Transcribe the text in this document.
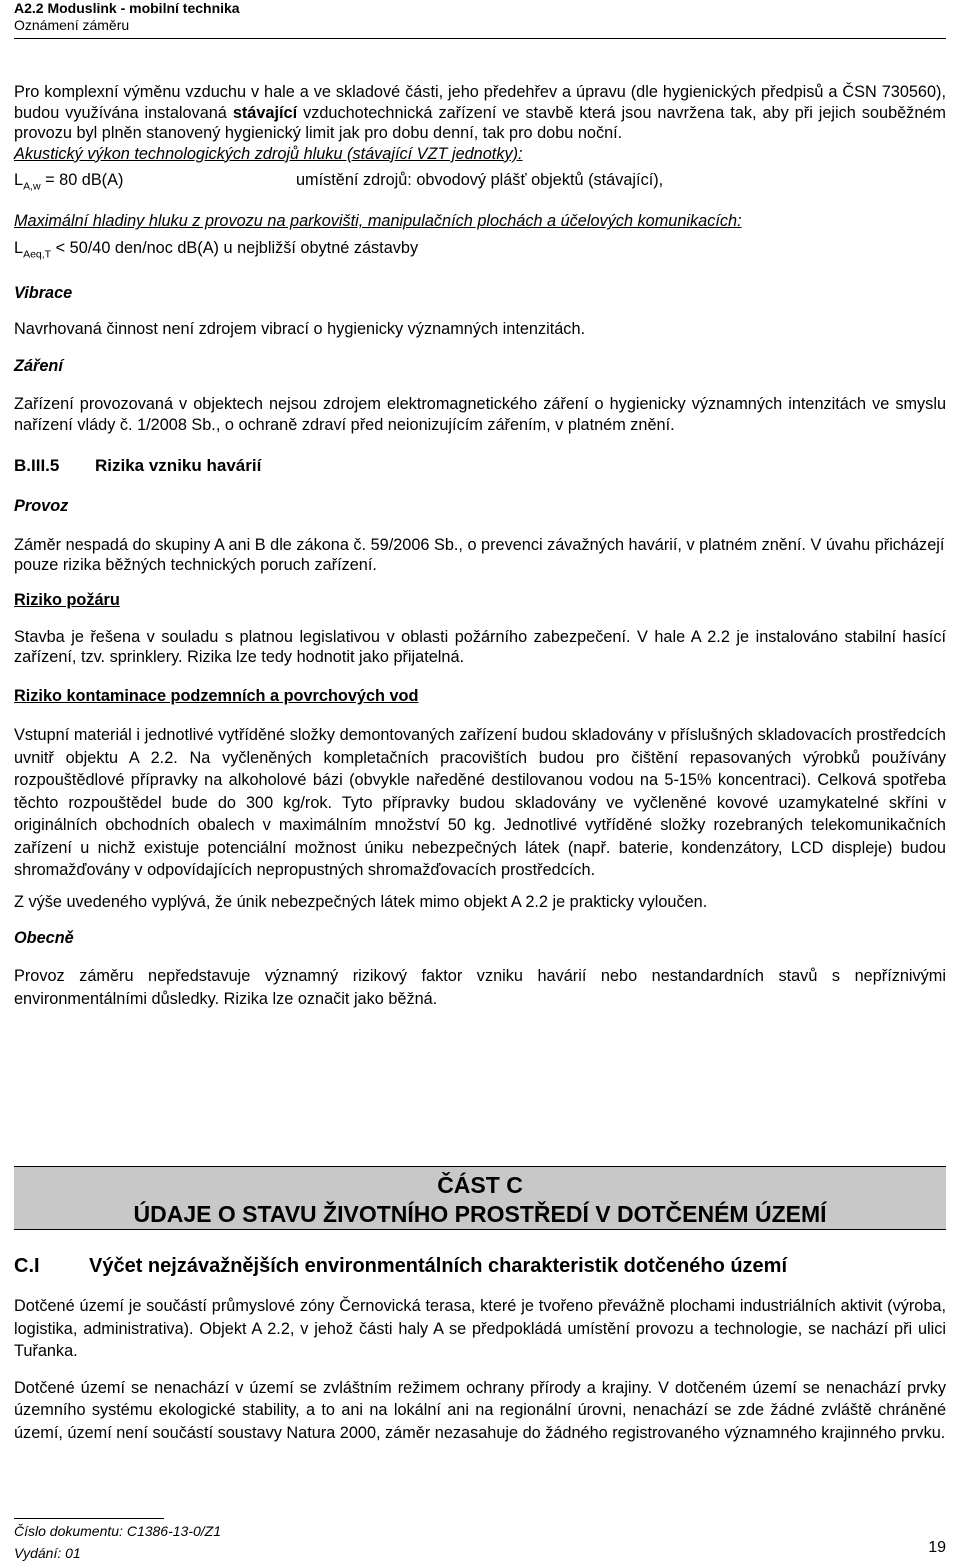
A2.2 Moduslink - mobilní technika
Oznámení záměru

Pro komplexní výměnu vzduchu v hale a ve skladové části, jeho předehřev a úpravu (dle hygienických předpisů a ČSN 730560), budou využívána instalovaná stávající vzduchotechnická zařízení ve stavbě která jsou navržena tak, aby při jejich souběžném provozu byl plněn stanovený hygienický limit jak pro dobu denní, tak pro dobu noční.

Akustický výkon technologických zdrojů hluku (stávající VZT jednotky):

$L_{A,w} = 80$ dB(A)	umístění zdrojů: obvodový plášť objektů (stávající),

Maximální hladiny hluku z provozu na parkovišti, manipulačních plochách a účelových komunikacích:

$L_{Aeq,T} < 50/40$ den/noc dB(A) u nejbližší obytné zástavby

Vibrace

Navrhovaná činnost není zdrojem vibrací o hygienicky významných intenzitách.

Záření

Zařízení provozovaná v objektech nejsou zdrojem elektromagnetického záření o hygienicky významných intenzitách ve smyslu nařízení vlády č. 1/2008 Sb., o ochraně zdraví před neionizujícím zářením, v platném znění.

B.III.5	Rizika vzniku havárií

Provoz

Záměr nespadá do skupiny A ani B dle zákona č. 59/2006 Sb., o prevenci závažných havárií, v platném znění. V úvahu přicházejí pouze rizika běžných technických poruch zařízení.

Riziko požáru

Stavba je řešena v souladu s platnou legislativou v oblasti požárního zabezpečení. V hale A 2.2 je instalováno stabilní hasící zařízení, tzv. sprinklery. Rizika lze tedy hodnotit jako přijatelná.

Riziko kontaminace podzemních a povrchových vod

Vstupní materiál i jednotlivé vytříděné složky demontovaných zařízení budou skladovány v příslušných skladovacích prostředcích uvnitř objektu A 2.2. Na vyčleněných kompletačních pracovištích budou pro čištění repasovaných výrobků používány rozpouštědlové přípravky na alkoholové bázi (obvykle naředěné destilovanou vodou na 5-15% koncentraci). Celková spotřeba těchto rozpouštědel bude do 300 kg/rok. Tyto přípravky budou skladovány ve vyčleněné kovové uzamykatelné skříni v originálních obchodních obalech v maximálním množství 50 kg. Jednotlivé vytříděné složky rozebraných telekomunikačních zařízení u nichž existuje potenciální možnost úniku nebezpečných látek (např. baterie, kondenzátory, LCD displeje) budou shromažďovány v odpovídajících nepropustných shromažďovacích prostředcích.

Z výše uvedeného vyplývá, že únik nebezpečných látek mimo objekt A 2.2 je prakticky vyloučen.

Obecně

Provoz záměru nepředstavuje významný rizikový faktor vzniku havárií nebo nestandardních stavů s nepříznivými environmentálními důsledky. Rizika lze označit jako běžná.

ČÁST C
ÚDAJE O STAVU ŽIVOTNÍHO PROSTŘEDÍ V DOTČENÉM ÚZEMÍ
C.I	Výčet nejzávažnějších environmentálních charakteristik dotčeného území

Dotčené území je součástí průmyslové zóny Černovická terasa, které je tvořeno převážně plochami industriálních aktivit (výroba, logistika, administrativa). Objekt A 2.2, v jehož části haly A se předpokládá umístění provozu a technologie, se nachází při ulici Tuřanka.

Dotčené území se nenachází v území se zvláštním režimem ochrany přírody a krajiny. V dotčeném území se nenachází prvky územního systému ekologické stability, a to ani na lokální ani na regionální úrovni, nenachází se zde žádné zvláště chráněné území, území není součástí soustavy Natura 2000, záměr nezasahuje do žádného registrovaného významného krajinného prvku.

Číslo dokumentu: C1386-13-0/Z1
Vydání: 01	19
